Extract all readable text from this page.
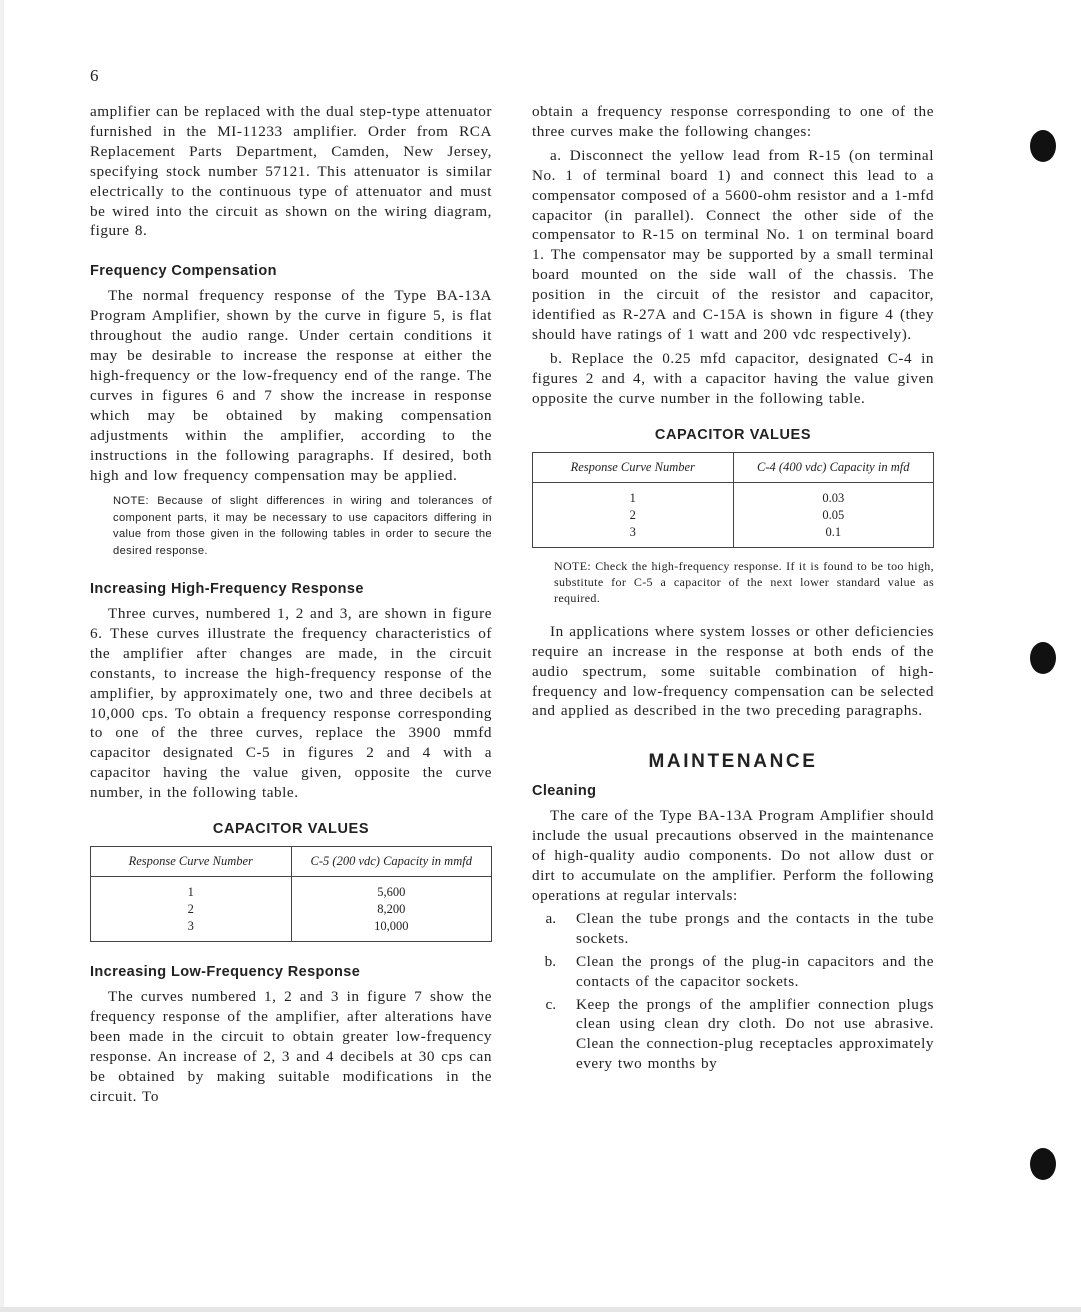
6

amplifier can be replaced with the dual step-type attenuator furnished in the MI-11233 amplifier. Order from RCA Replacement Parts Department, Camden, New Jersey, specifying stock number 57121. This attenuator is similar electrically to the continuous type of attenuator and must be wired into the circuit as shown on the wiring diagram, figure 8.

Frequency Compensation

The normal frequency response of the Type BA-13A Program Amplifier, shown by the curve in figure 5, is flat throughout the audio range. Under certain conditions it may be desirable to increase the response at either the high-frequency or the low-frequency end of the range. The curves in figures 6 and 7 show the increase in response which may be obtained by making compensation adjustments within the amplifier, according to the instructions in the following paragraphs. If desired, both high and low frequency compensation may be applied.

NOTE: Because of slight differences in wiring and tolerances of component parts, it may be necessary to use capacitors differing in value from those given in the following tables in order to secure the desired response.
Increasing High-Frequency Response

Three curves, numbered 1, 2 and 3, are shown in figure 6. These curves illustrate the frequency characteristics of the amplifier after changes are made, in the circuit constants, to increase the high-frequency response of the amplifier, by approximately one, two and three decibels at 10,000 cps. To obtain a frequency response corresponding to one of the three curves, replace the 3900 mmfd capacitor designated C-5 in figures 2 and 4 with a capacitor having the value given, opposite the curve number, in the following table.

CAPACITOR VALUES
Response Curve Number	C-5 (200 vdc) Capacity in mmfd
1	5,600
2	8,200
3	10,000
Increasing Low-Frequency Response

The curves numbered 1, 2 and 3 in figure 7 show the frequency response of the amplifier, after alterations have been made in the circuit to obtain greater low-frequency response. An increase of 2, 3 and 4 decibels at 30 cps can be obtained by making suitable modifications in the circuit. To

obtain a frequency response corresponding to one of the three curves make the following changes:

a. Disconnect the yellow lead from R-15 (on terminal No. 1 of terminal board 1) and connect this lead to a compensator composed of a 5600-ohm resistor and a 1-mfd capacitor (in parallel). Connect the other side of the compensator to R-15 on terminal No. 1 on terminal board 1. The compensator may be supported by a small terminal board mounted on the side wall of the chassis. The position in the circuit of the resistor and capacitor, identified as R-27A and C-15A is shown in figure 4 (they should have ratings of 1 watt and 200 vdc respectively).

b. Replace the 0.25 mfd capacitor, designated C-4 in figures 2 and 4, with a capacitor having the value given opposite the curve number in the following table.

CAPACITOR VALUES
Response Curve Number	C-4 (400 vdc) Capacity in mfd
1	0.03
2	0.05
3	0.1
NOTE: Check the high-frequency response. If it is found to be too high, substitute for C-5 a capacitor of the next lower standard value as required.

In applications where system losses or other deficiencies require an increase in the response at both ends of the audio spectrum, some suitable combination of high-frequency and low-frequency compensation can be selected and applied as described in the two preceding paragraphs.

MAINTENANCE
Cleaning

The care of the Type BA-13A Program Amplifier should include the usual precautions observed in the maintenance of high-quality audio components. Do not allow dust or dirt to accumulate on the amplifier. Perform the following operations at regular intervals:

a.	Clean the tube prongs and the contacts in the tube sockets.

b.	Clean the prongs of the plug-in capacitors and the contacts of the capacitor sockets.

c.	Keep the prongs of the amplifier connection plugs clean using clean dry cloth. Do not use abrasive. Clean the connection-plug receptacles approximately every two months by
